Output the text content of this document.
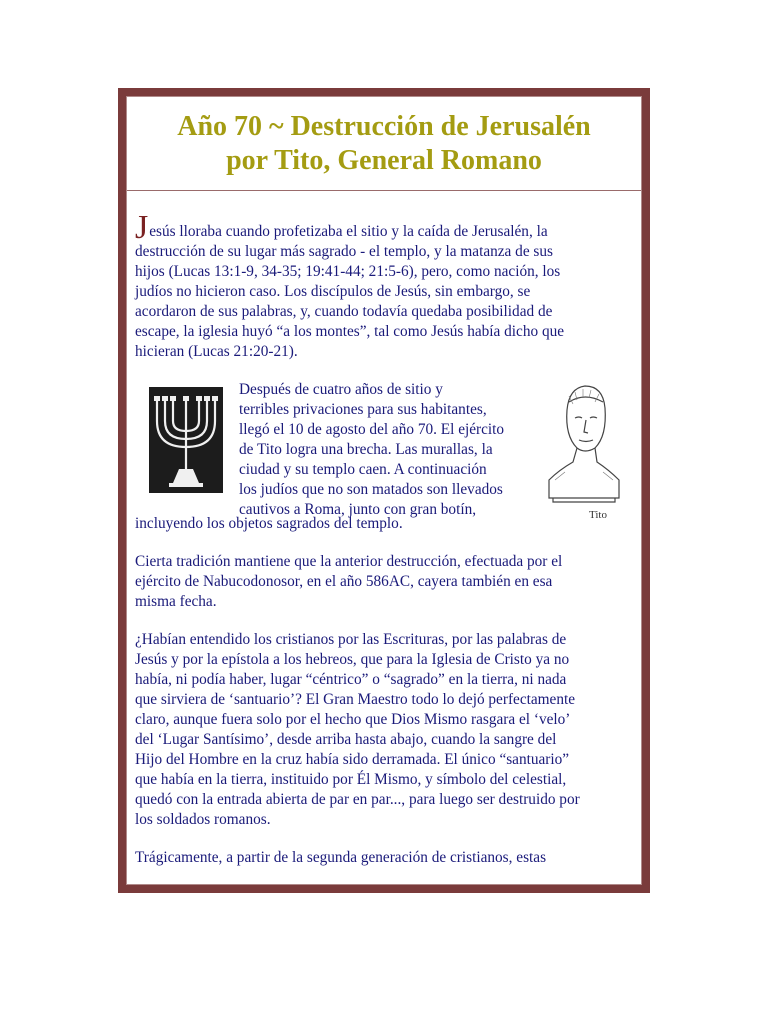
Año 70 ~ Destrucción de Jerusalén
por Tito, General Romano
Jesús lloraba cuando profetizaba el sitio y la caída de Jerusalén, la
destrucción de su lugar más sagrado - el templo, y la matanza de sus
hijos (Lucas 13:1-9, 34-35; 19:41-44; 21:5-6), pero, como nación, los
judíos no hicieron caso. Los discípulos de Jesús, sin embargo, se
acordaron de sus palabras, y, cuando todavía quedaba posibilidad de
escape, la iglesia huyó “a los montes”, tal como Jesús había dicho que
hicieran (Lucas 21:20-21).
Después de cuatro años de sitio y
terribles privaciones para sus habitantes,
llegó el 10 de agosto del año 70. El ejército
de Tito logra una brecha. Las murallas, la
ciudad y su templo caen. A continuación
los judíos que no son matados son llevados
cautivos a Roma, junto con gran botín,
incluyendo los objetos sagrados del templo.	Tito
Cierta tradición mantiene que la anterior destrucción, efectuada por el
ejército de Nabucodonosor, en el año 586AC, cayera también en esa
misma fecha.
¿Habían entendido los cristianos por las Escrituras, por las palabras de
Jesús y por la epístola a los hebreos, que para la Iglesia de Cristo ya no
había, ni podía haber, lugar “céntrico” o “sagrado” en la tierra, ni nada
que sirviera de ‘santuario’? El Gran Maestro todo lo dejó perfectamente
claro, aunque fuera solo por el hecho que Dios Mismo rasgara el ‘velo’
del ‘Lugar Santísimo’, desde arriba hasta abajo, cuando la sangre del
Hijo del Hombre en la cruz había sido derramada. El único “santuario”
que había en la tierra, instituido por Él Mismo, y símbolo del celestial,
quedó con la entrada abierta de par en par..., para luego ser destruido por
los soldados romanos.
Trágicamente, a partir de la segunda generación de cristianos, estas
